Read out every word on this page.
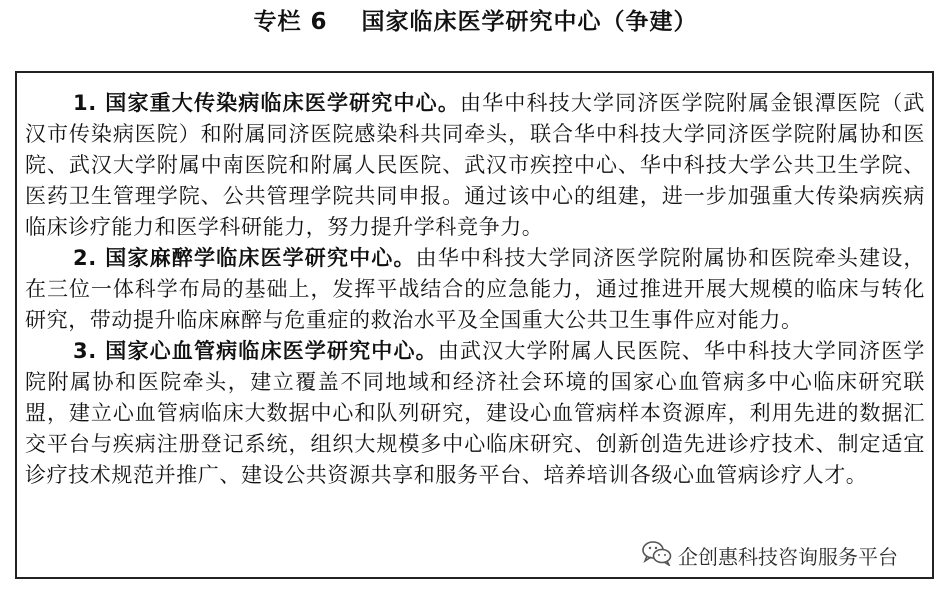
专栏 6 国家临床医学研究中心（争建）

1. 国家重大传染病临床医学研究中心。由华中科技大学同济医学院附属金银潭医院（武汉市传染病医院）和附属同济医院感染科共同牵头，联合华中科技大学同济医学院附属协和医院、武汉大学附属中南医院和附属人民医院、武汉市疾控中心、华中科技大学公共卫生学院、医药卫生管理学院、公共管理学院共同申报。通过该中心的组建，进一步加强重大传染病疾病临床诊疗能力和医学科研能力，努力提升学科竞争力。

2. 国家麻醉学临床医学研究中心。由华中科技大学同济医学院附属协和医院牵头建设，在三位一体科学布局的基础上，发挥平战结合的应急能力，通过推进开展大规模的临床与转化研究，带动提升临床麻醉与危重症的救治水平及全国重大公共卫生事件应对能力。

3. 国家心血管病临床医学研究中心。由武汉大学附属人民医院、华中科技大学同济医学院附属协和医院牵头，建立覆盖不同地域和经济社会环境的国家心血管病多中心临床研究联盟，建立心血管病临床大数据中心和队列研究，建设心血管病样本资源库，利用先进的数据汇交平台与疾病注册登记系统，组织大规模多中心临床研究、创新创造先进诊疗技术、制定适宜诊疗技术规范并推广、建设公共资源共享和服务平台、培养培训各级心血管病诊疗人才。

企创惠科技咨询服务平台
